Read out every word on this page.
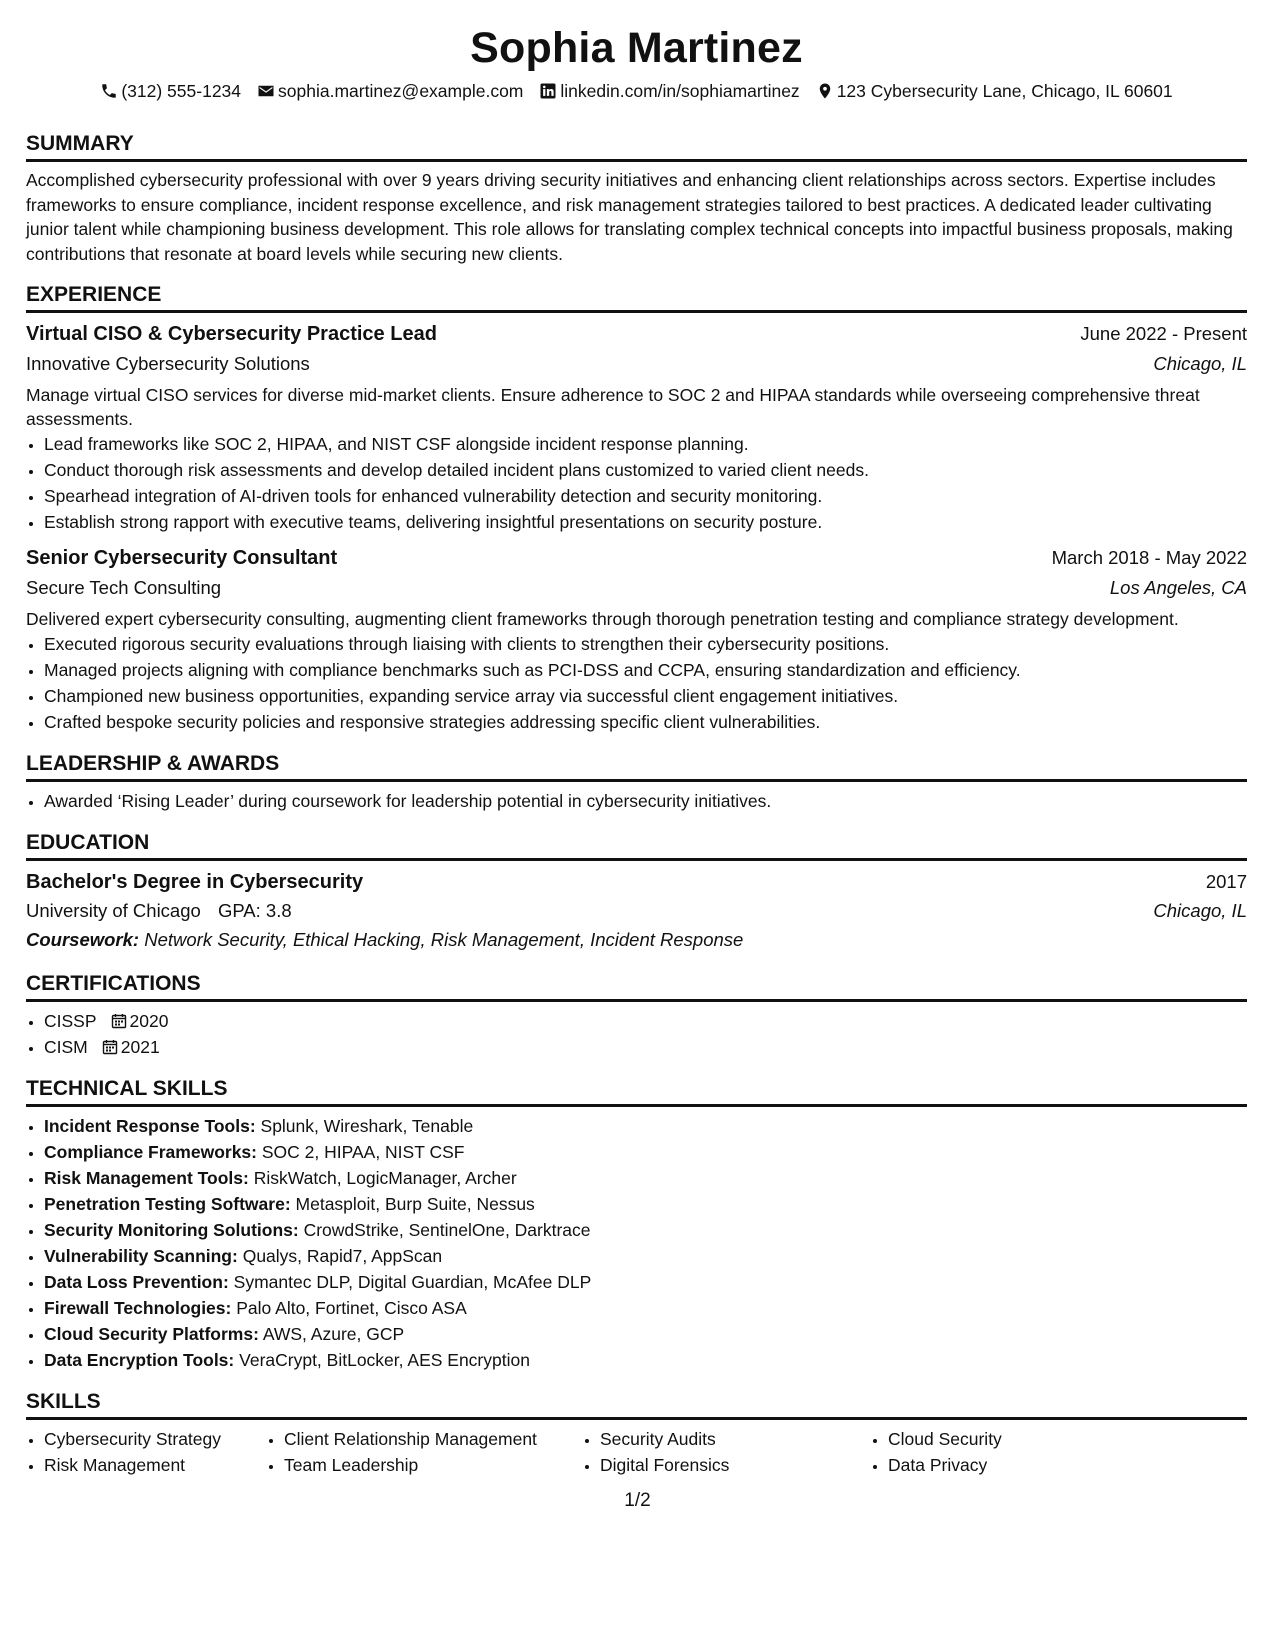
Sophia Martinez
(312) 555-1234 sophia.martinez@example.com linkedin.com/in/sophiamartinez 123 Cybersecurity Lane, Chicago, IL 60601
SUMMARY

Accomplished cybersecurity professional with over 9 years driving security initiatives and enhancing client relationships across sectors. Expertise includes frameworks to ensure compliance, incident response excellence, and risk management strategies tailored to best practices. A dedicated leader cultivating junior talent while championing business development. This role allows for translating complex technical concepts into impactful business proposals, making contributions that resonate at board levels while securing new clients.

EXPERIENCE
Virtual CISO & Cybersecurity Practice Lead	June 2022 - Present
Innovative Cybersecurity Solutions	Chicago, IL

Manage virtual CISO services for diverse mid-market clients. Ensure adherence to SOC 2 and HIPAA standards while overseeing comprehensive threat assessments.

• Lead frameworks like SOC 2, HIPAA, and NIST CSF alongside incident response planning.
• Conduct thorough risk assessments and develop detailed incident plans customized to varied client needs.
• Spearhead integration of AI-driven tools for enhanced vulnerability detection and security monitoring.
• Establish strong rapport with executive teams, delivering insightful presentations on security posture.
Senior Cybersecurity Consultant	March 2018 - May 2022
Secure Tech Consulting	Los Angeles, CA

Delivered expert cybersecurity consulting, augmenting client frameworks through thorough penetration testing and compliance strategy development.

• Executed rigorous security evaluations through liaising with clients to strengthen their cybersecurity positions.
• Managed projects aligning with compliance benchmarks such as PCI-DSS and CCPA, ensuring standardization and efficiency.
• Championed new business opportunities, expanding service array via successful client engagement initiatives.
• Crafted bespoke security policies and responsive strategies addressing specific client vulnerabilities.
LEADERSHIP & AWARDS
• Awarded ‘Rising Leader’ during coursework for leadership potential in cybersecurity initiatives.
EDUCATION
Bachelor's Degree in Cybersecurity	2017
University of Chicago GPA: 3.8	Chicago, IL
Coursework: Network Security, Ethical Hacking, Risk Management, Incident Response
CERTIFICATIONS
• CISSP 2020
• CISM 2021
TECHNICAL SKILLS
• Incident Response Tools: Splunk, Wireshark, Tenable
• Compliance Frameworks: SOC 2, HIPAA, NIST CSF
• Risk Management Tools: RiskWatch, LogicManager, Archer
• Penetration Testing Software: Metasploit, Burp Suite, Nessus
• Security Monitoring Solutions: CrowdStrike, SentinelOne, Darktrace
• Vulnerability Scanning: Qualys, Rapid7, AppScan
• Data Loss Prevention: Symantec DLP, Digital Guardian, McAfee DLP
• Firewall Technologies: Palo Alto, Fortinet, Cisco ASA
• Cloud Security Platforms: AWS, Azure, GCP
• Data Encryption Tools: VeraCrypt, BitLocker, AES Encryption
SKILLS
• Cybersecurity Strategy
• Risk Management
• Client Relationship Management
• Team Leadership
• Security Audits
• Digital Forensics
• Cloud Security
• Data Privacy
1/2
